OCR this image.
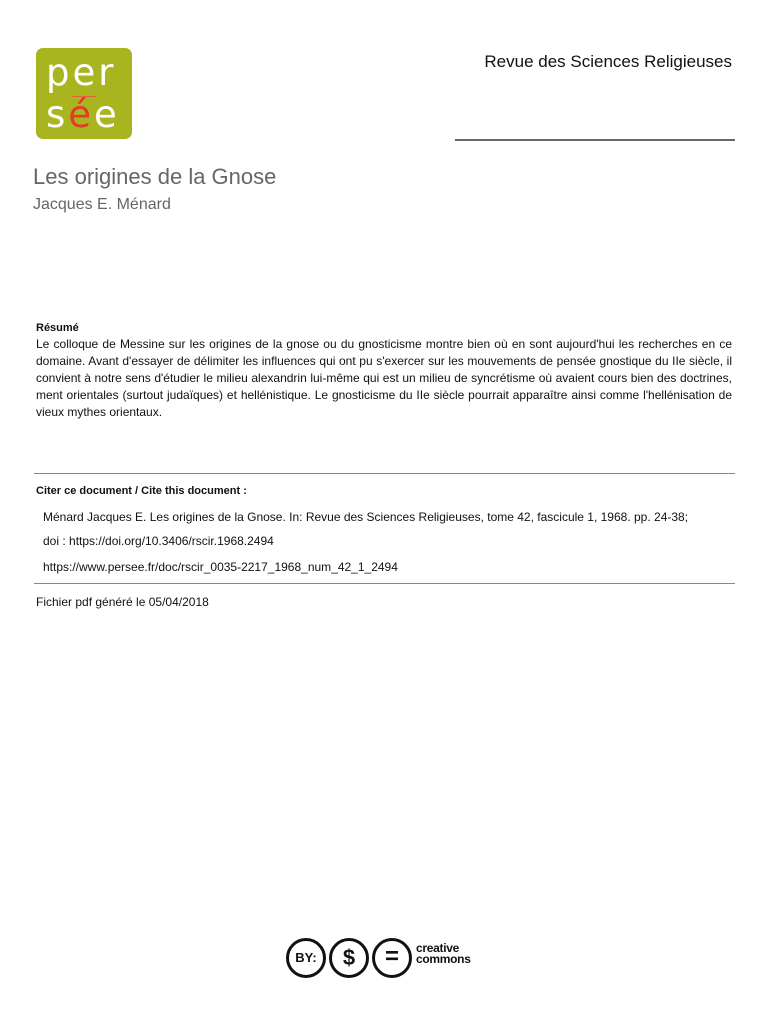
per
sée
Revue des Sciences Religieuses
Les origines de la Gnose
Jacques E. Ménard
Résumé
Le colloque de Messine sur les origines de la gnose ou du gnosticisme montre bien où en sont aujourd'hui les recherches en ce domaine. Avant d'essayer de délimiter les influences qui ont pu s'exercer sur les mouvements de pensée gnostique du IIe siècle, il convient à notre sens d'étudier le milieu alexandrin lui-même qui est un milieu de syncrétisme où avaient cours bien des doctrines, ment orientales (surtout judaïques) et hellénistique. Le gnosticisme du IIe siècle pourrait apparaître ainsi comme l'hellénisation de vieux mythes orientaux.
Citer ce document / Cite this document :
Ménard Jacques E. Les origines de la Gnose. In: Revue des Sciences Religieuses, tome 42, fascicule 1, 1968. pp. 24-38;
doi : https://doi.org/10.3406/rscir.1968.2494
https://www.persee.fr/doc/rscir_0035-2217_1968_num_42_1_2494
Fichier pdf généré le 05/04/2018
BY:	$	=	creative
commons
